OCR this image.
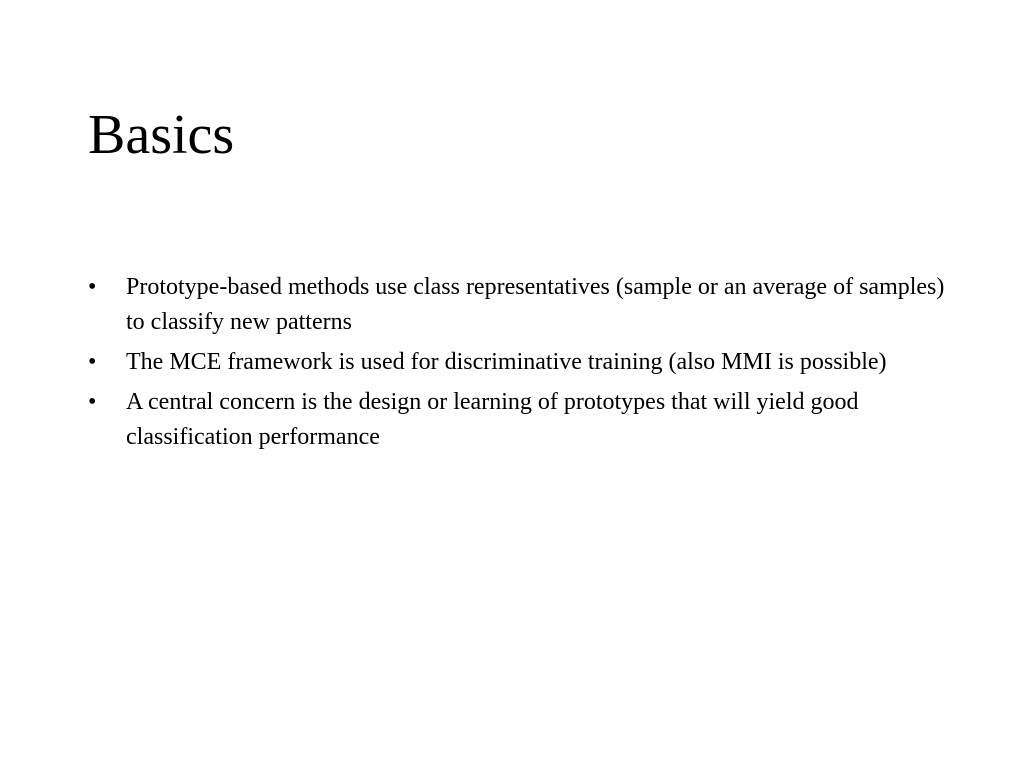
Basics
•	Prototype-based methods use class representatives (sample or an average of samples) to classify new patterns
•	The MCE framework is used for discriminative training (also MMI is possible)
•	A central concern is the design or learning of prototypes that will yield good classification performance
